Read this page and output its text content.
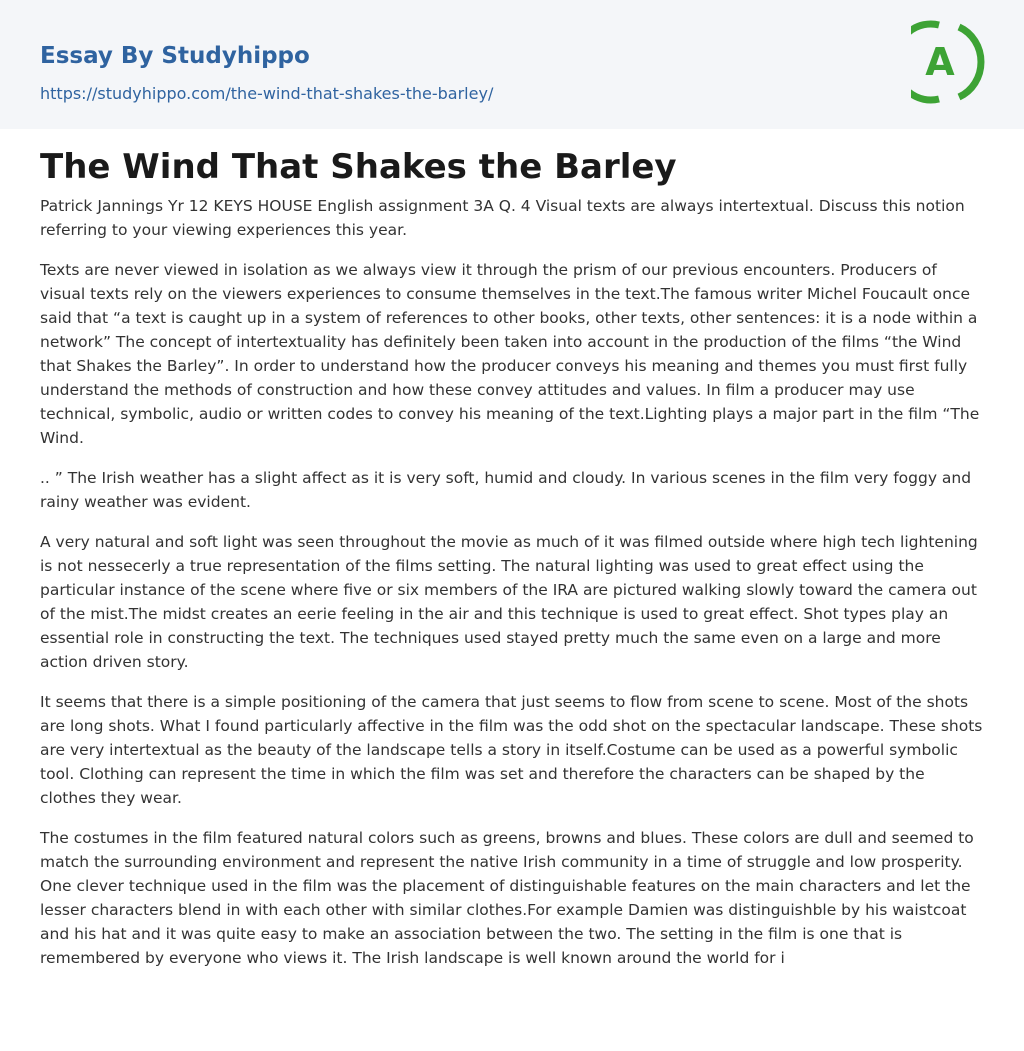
Essay By Studyhippo
https://studyhippo.com/the-wind-that-shakes-the-barley/
A
The Wind That Shakes the Barley

Patrick Jannings Yr 12 KEYS HOUSE English assignment 3A Q. 4 Visual texts are always intertextual. Discuss this notion referring to your viewing experiences this year.

Texts are never viewed in isolation as we always view it through the prism of our previous encounters. Producers of visual texts rely on the viewers experiences to consume themselves in the text.The famous writer Michel Foucault once said that “a text is caught up in a system of references to other books, other texts, other sentences: it is a node within a network” The concept of intertextuality has definitely been taken into account in the production of the films “the Wind that Shakes the Barley”. In order to understand how the producer conveys his meaning and themes you must first fully understand the methods of construction and how these convey attitudes and values. In film a producer may use technical, symbolic, audio or written codes to convey his meaning of the text.Lighting plays a major part in the film “The Wind.

.. ” The Irish weather has a slight affect as it is very soft, humid and cloudy. In various scenes in the film very foggy and rainy weather was evident.

A very natural and soft light was seen throughout the movie as much of it was filmed outside where high tech lightening is not nessecerly a true representation of the films setting. The natural lighting was used to great effect using the particular instance of the scene where five or six members of the IRA are pictured walking slowly toward the camera out of the mist.The midst creates an eerie feeling in the air and this technique is used to great effect. Shot types play an essential role in constructing the text. The techniques used stayed pretty much the same even on a large and more action driven story.

It seems that there is a simple positioning of the camera that just seems to flow from scene to scene. Most of the shots are long shots. What I found particularly affective in the film was the odd shot on the spectacular landscape. These shots are very intertextual as the beauty of the landscape tells a story in itself.Costume can be used as a powerful symbolic tool. Clothing can represent the time in which the film was set and therefore the characters can be shaped by the clothes they wear.

The costumes in the film featured natural colors such as greens, browns and blues. These colors are dull and seemed to match the surrounding environment and represent the native Irish community in a time of struggle and low prosperity. One clever technique used in the film was the placement of distinguishable features on the main characters and let the lesser characters blend in with each other with similar clothes.For example Damien was distinguishble by his waistcoat and his hat and it was quite easy to make an association between the two. The setting in the film is one that is remembered by everyone who views it. The Irish landscape is well known around the world for i
